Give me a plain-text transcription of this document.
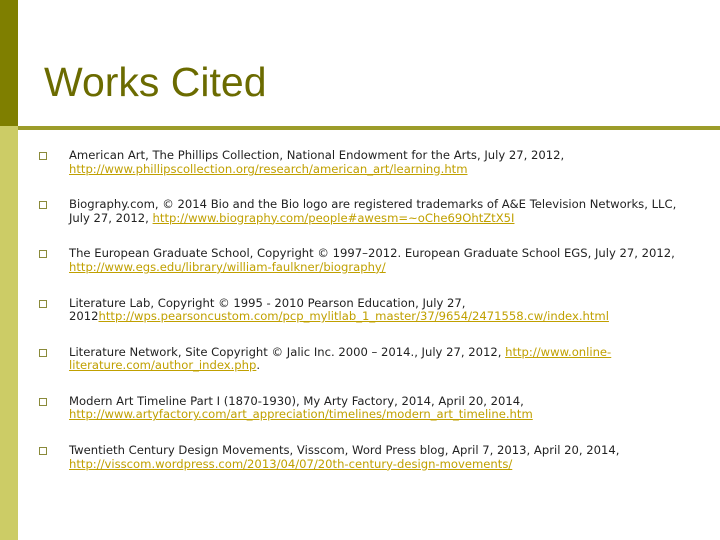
Works Cited
American Art, The Phillips Collection, National Endowment for the Arts, July 27, 2012, http://www.phillipscollection.org/research/american_art/learning.htm
Biography.com, © 2014 Bio and the Bio logo are registered trademarks of A&E Television Networks, LLC, July 27, 2012, http://www.biography.com/people#awesm=~oChe69OhtZtX5I
The European Graduate School, Copyright © 1997–2012. European Graduate School EGS, July 27, 2012, http://www.egs.edu/library/william-faulkner/biography/
Literature Lab, Copyright © 1995 - 2010 Pearson Education, July 27, 2012http://wps.pearsoncustom.com/pcp_mylitlab_1_master/37/9654/2471558.cw/index.html
Literature Network, Site Copyright © Jalic Inc. 2000 – 2014., July 27, 2012, http://www.online-literature.com/author_index.php.
Modern Art Timeline Part I (1870-1930), My Arty Factory, 2014, April 20, 2014, http://www.artyfactory.com/art_appreciation/timelines/modern_art_timeline.htm
Twentieth Century Design Movements, Visscom, Word Press blog, April 7, 2013, April 20, 2014, http://visscom.wordpress.com/2013/04/07/20th-century-design-movements/
